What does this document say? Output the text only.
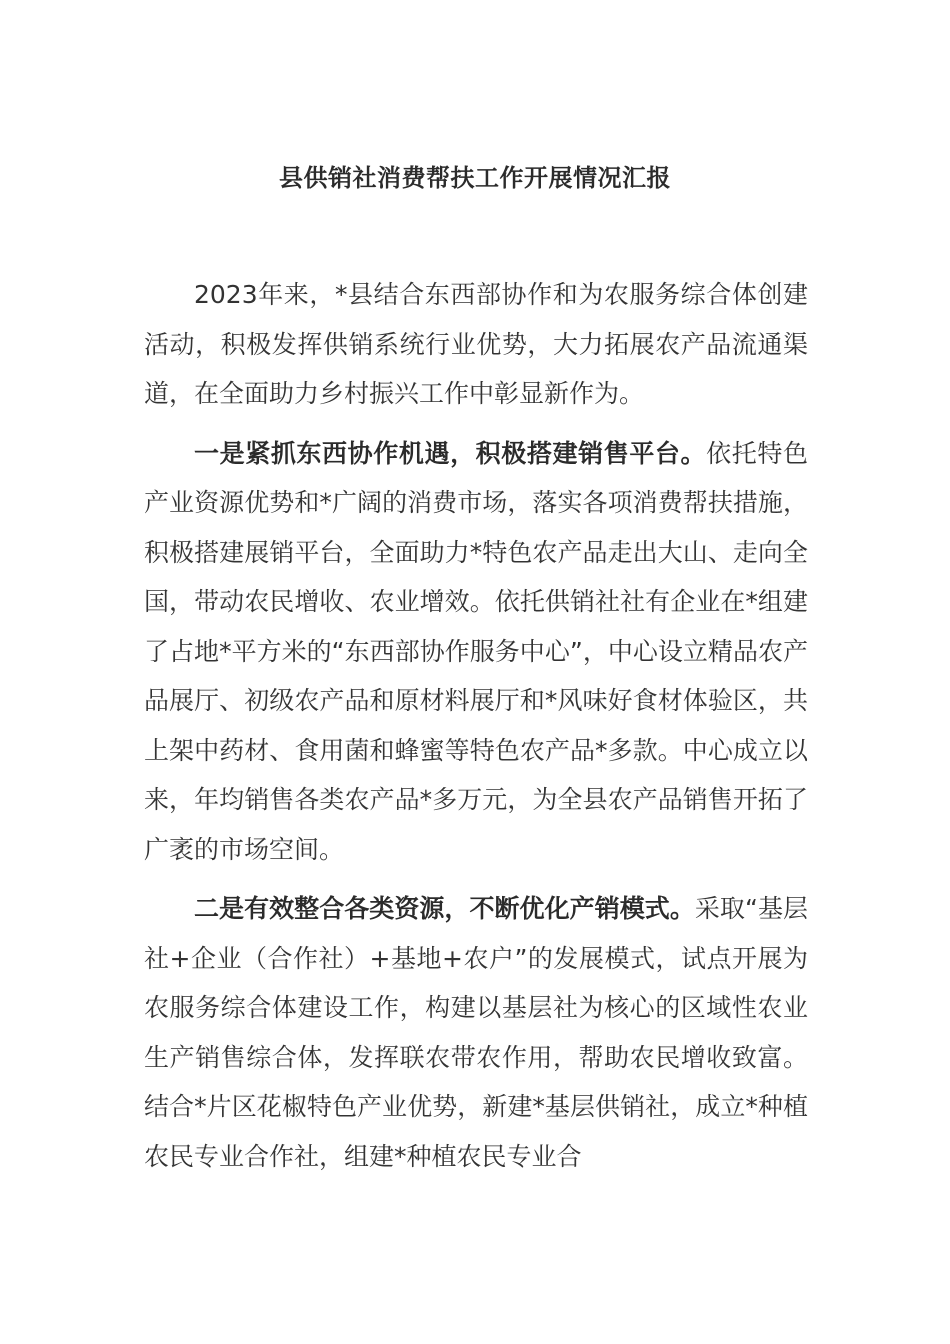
县供销社消费帮扶工作开展情况汇报

2023年来，*县结合东西部协作和为农服务综合体创建活动，积极发挥供销系统行业优势，大力拓展农产品流通渠道，在全面助力乡村振兴工作中彰显新作为。

一是紧抓东西协作机遇，积极搭建销售平台。依托特色产业资源优势和*广阔的消费市场，落实各项消费帮扶措施，积极搭建展销平台，全面助力*特色农产品走出大山、走向全国，带动农民增收、农业增效。依托供销社社有企业在*组建了占地*平方米的“东西部协作服务中心”，中心设立精品农产品展厅、初级农产品和原材料展厅和*风味好食材体验区，共上架中药材、食用菌和蜂蜜等特色农产品*多款。中心成立以来，年均销售各类农产品*多万元，为全县农产品销售开拓了广袤的市场空间。

二是有效整合各类资源，不断优化产销模式。采取“基层社+企业（合作社）+基地+农户”的发展模式，试点开展为农服务综合体建设工作，构建以基层社为核心的区域性农业生产销售综合体，发挥联农带农作用，帮助农民增收致富。结合*片区花椒特色产业优势，新建*基层供销社，成立*种植农民专业合作社，组建*种植农民专业合
